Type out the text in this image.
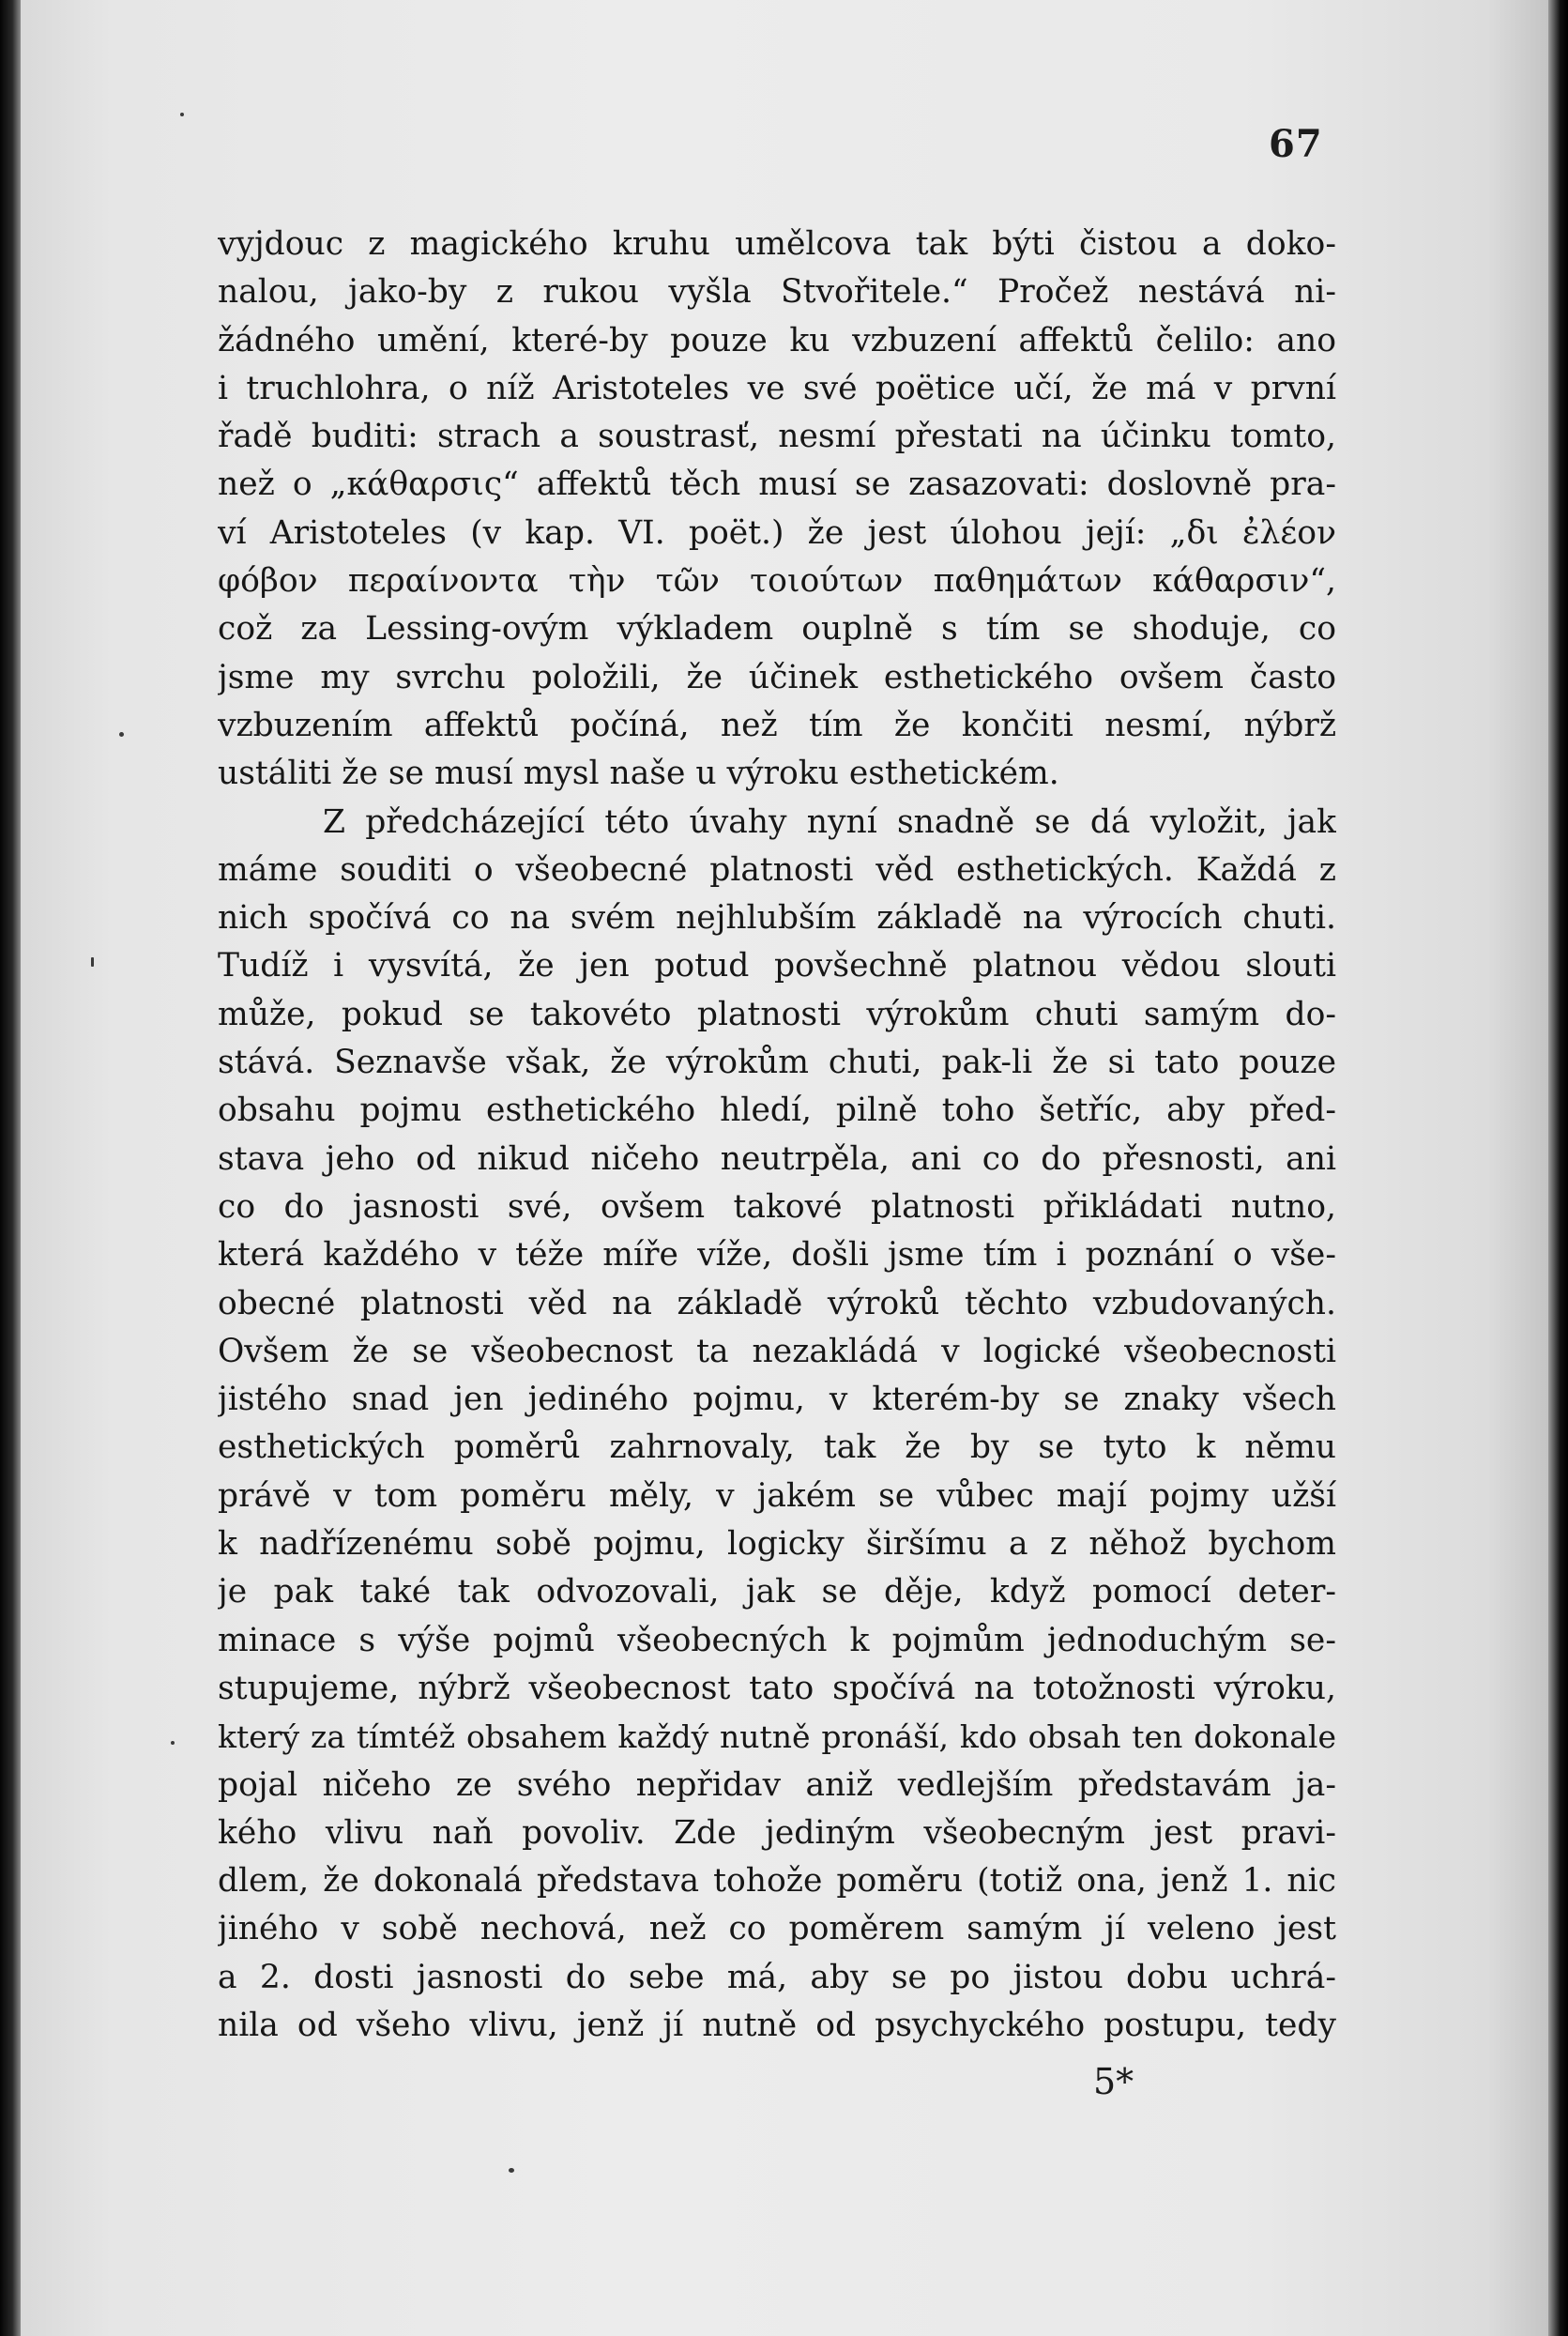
67
vyjdouc z magického kruhu umělcova tak býti čistou a doko-
nalou, jako-by z rukou vyšla Stvořitele.“ Pročež nestává ni-
žádného umění, které-by pouze ku vzbuzení affektů čelilo: ano
i truchlohra, o níž Aristoteles ve své poëtice učí, že má v první
řadě buditi: strach a soustrasť, nesmí přestati na účinku tomto,
než o „κάθαρσις“ affektů těch musí se zasazovati: doslovně pra-
ví Aristoteles (v kap. VI. poët.) že jest úlohou její: „δι ἐλέον
φόβον περαίνοντα τὴν τῶν τοιούτων παθημάτων κάθαρσιν“,
což za Lessing-ovým výkladem ouplně s tím se shoduje, co
jsme my svrchu položili, že účinek esthetického ovšem často
vzbuzením affektů počíná, než tím že končiti nesmí, nýbrž
ustáliti že se musí mysl naše u výroku esthetickém.
Z předcházející této úvahy nyní snadně se dá vyložit, jak
máme souditi o všeobecné platnosti věd esthetických. Každá z
nich spočívá co na svém nejhlubším základě na výrocích chuti.
Tudíž i vysvítá, že jen potud povšechně platnou vědou slouti
může, pokud se takovéto platnosti výrokům chuti samým do-
stává. Seznavše však, že výrokům chuti, pak-li že si tato pouze
obsahu pojmu esthetického hledí, pilně toho šetříc, aby před-
stava jeho od nikud ničeho neutrpěla, ani co do přesnosti, ani
co do jasnosti své, ovšem takové platnosti přikládati nutno,
která každého v téže míře víže, došli jsme tím i poznání o vše-
obecné platnosti věd na základě výroků těchto vzbudovaných.
Ovšem že se všeobecnost ta nezakládá v logické všeobecnosti
jistého snad jen jediného pojmu, v kterém-by se znaky všech
esthetických poměrů zahrnovaly, tak že by se tyto k němu
právě v tom poměru měly, v jakém se vůbec mají pojmy užší
k nadřízenému sobě pojmu, logicky širšímu a z něhož bychom
je pak také tak odvozovali, jak se děje, když pomocí deter-
minace s výše pojmů všeobecných k pojmům jednoduchým se-
stupujeme, nýbrž všeobecnost tato spočívá na totožnosti výroku,
který za tímtéž obsahem každý nutně pronáší, kdo obsah ten dokonale
pojal ničeho ze svého nepřidav aniž vedlejším představám ja-
kého vlivu naň povoliv. Zde jediným všeobecným jest pravi-
dlem, že dokonalá představa tohože poměru (totiž ona, jenž 1. nic
jiného v sobě nechová, než co poměrem samým jí veleno jest
a 2. dosti jasnosti do sebe má, aby se po jistou dobu uchrá-
nila od všeho vlivu, jenž jí nutně od psychyckého postupu, tedy
5*
